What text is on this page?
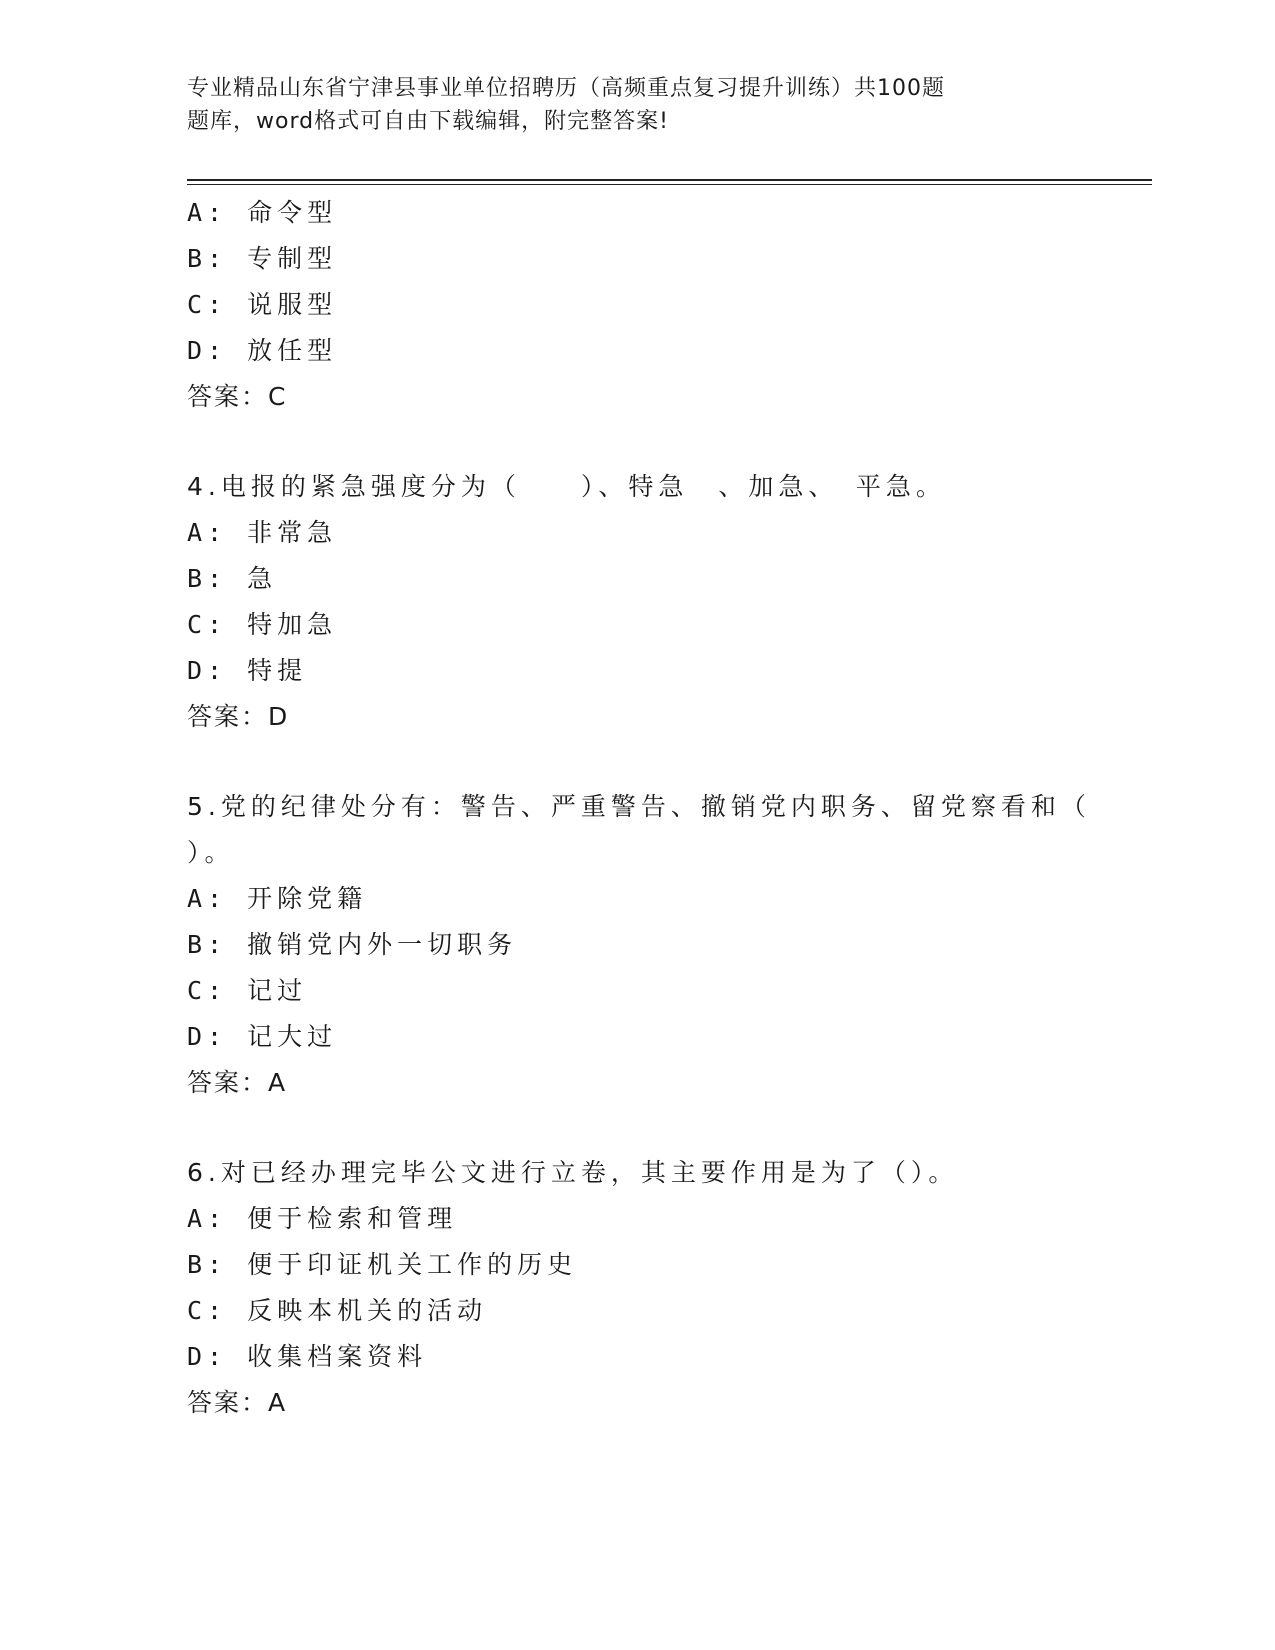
专业精品山东省宁津县事业单位招聘历（高频重点复习提升训练）共100题
题库，word格式可自由下载编辑，附完整答案!
A: 命令型
B: 专制型
C: 说服型
D: 放任型
答案：C
4.电报的紧急强度分为（　　）、特急　、加急、　平急。
A: 非常急
B: 急
C: 特加急
D: 特提
答案：D
5.党的纪律处分有：警告、严重警告、撤销党内职务、留党察看和（
）。
A: 开除党籍
B: 撤销党内外一切职务
C: 记过
D: 记大过
答案：A
6.对已经办理完毕公文进行立卷，其主要作用是为了（）。
A: 便于检索和管理
B: 便于印证机关工作的历史
C: 反映本机关的活动
D: 收集档案资料
答案：A
